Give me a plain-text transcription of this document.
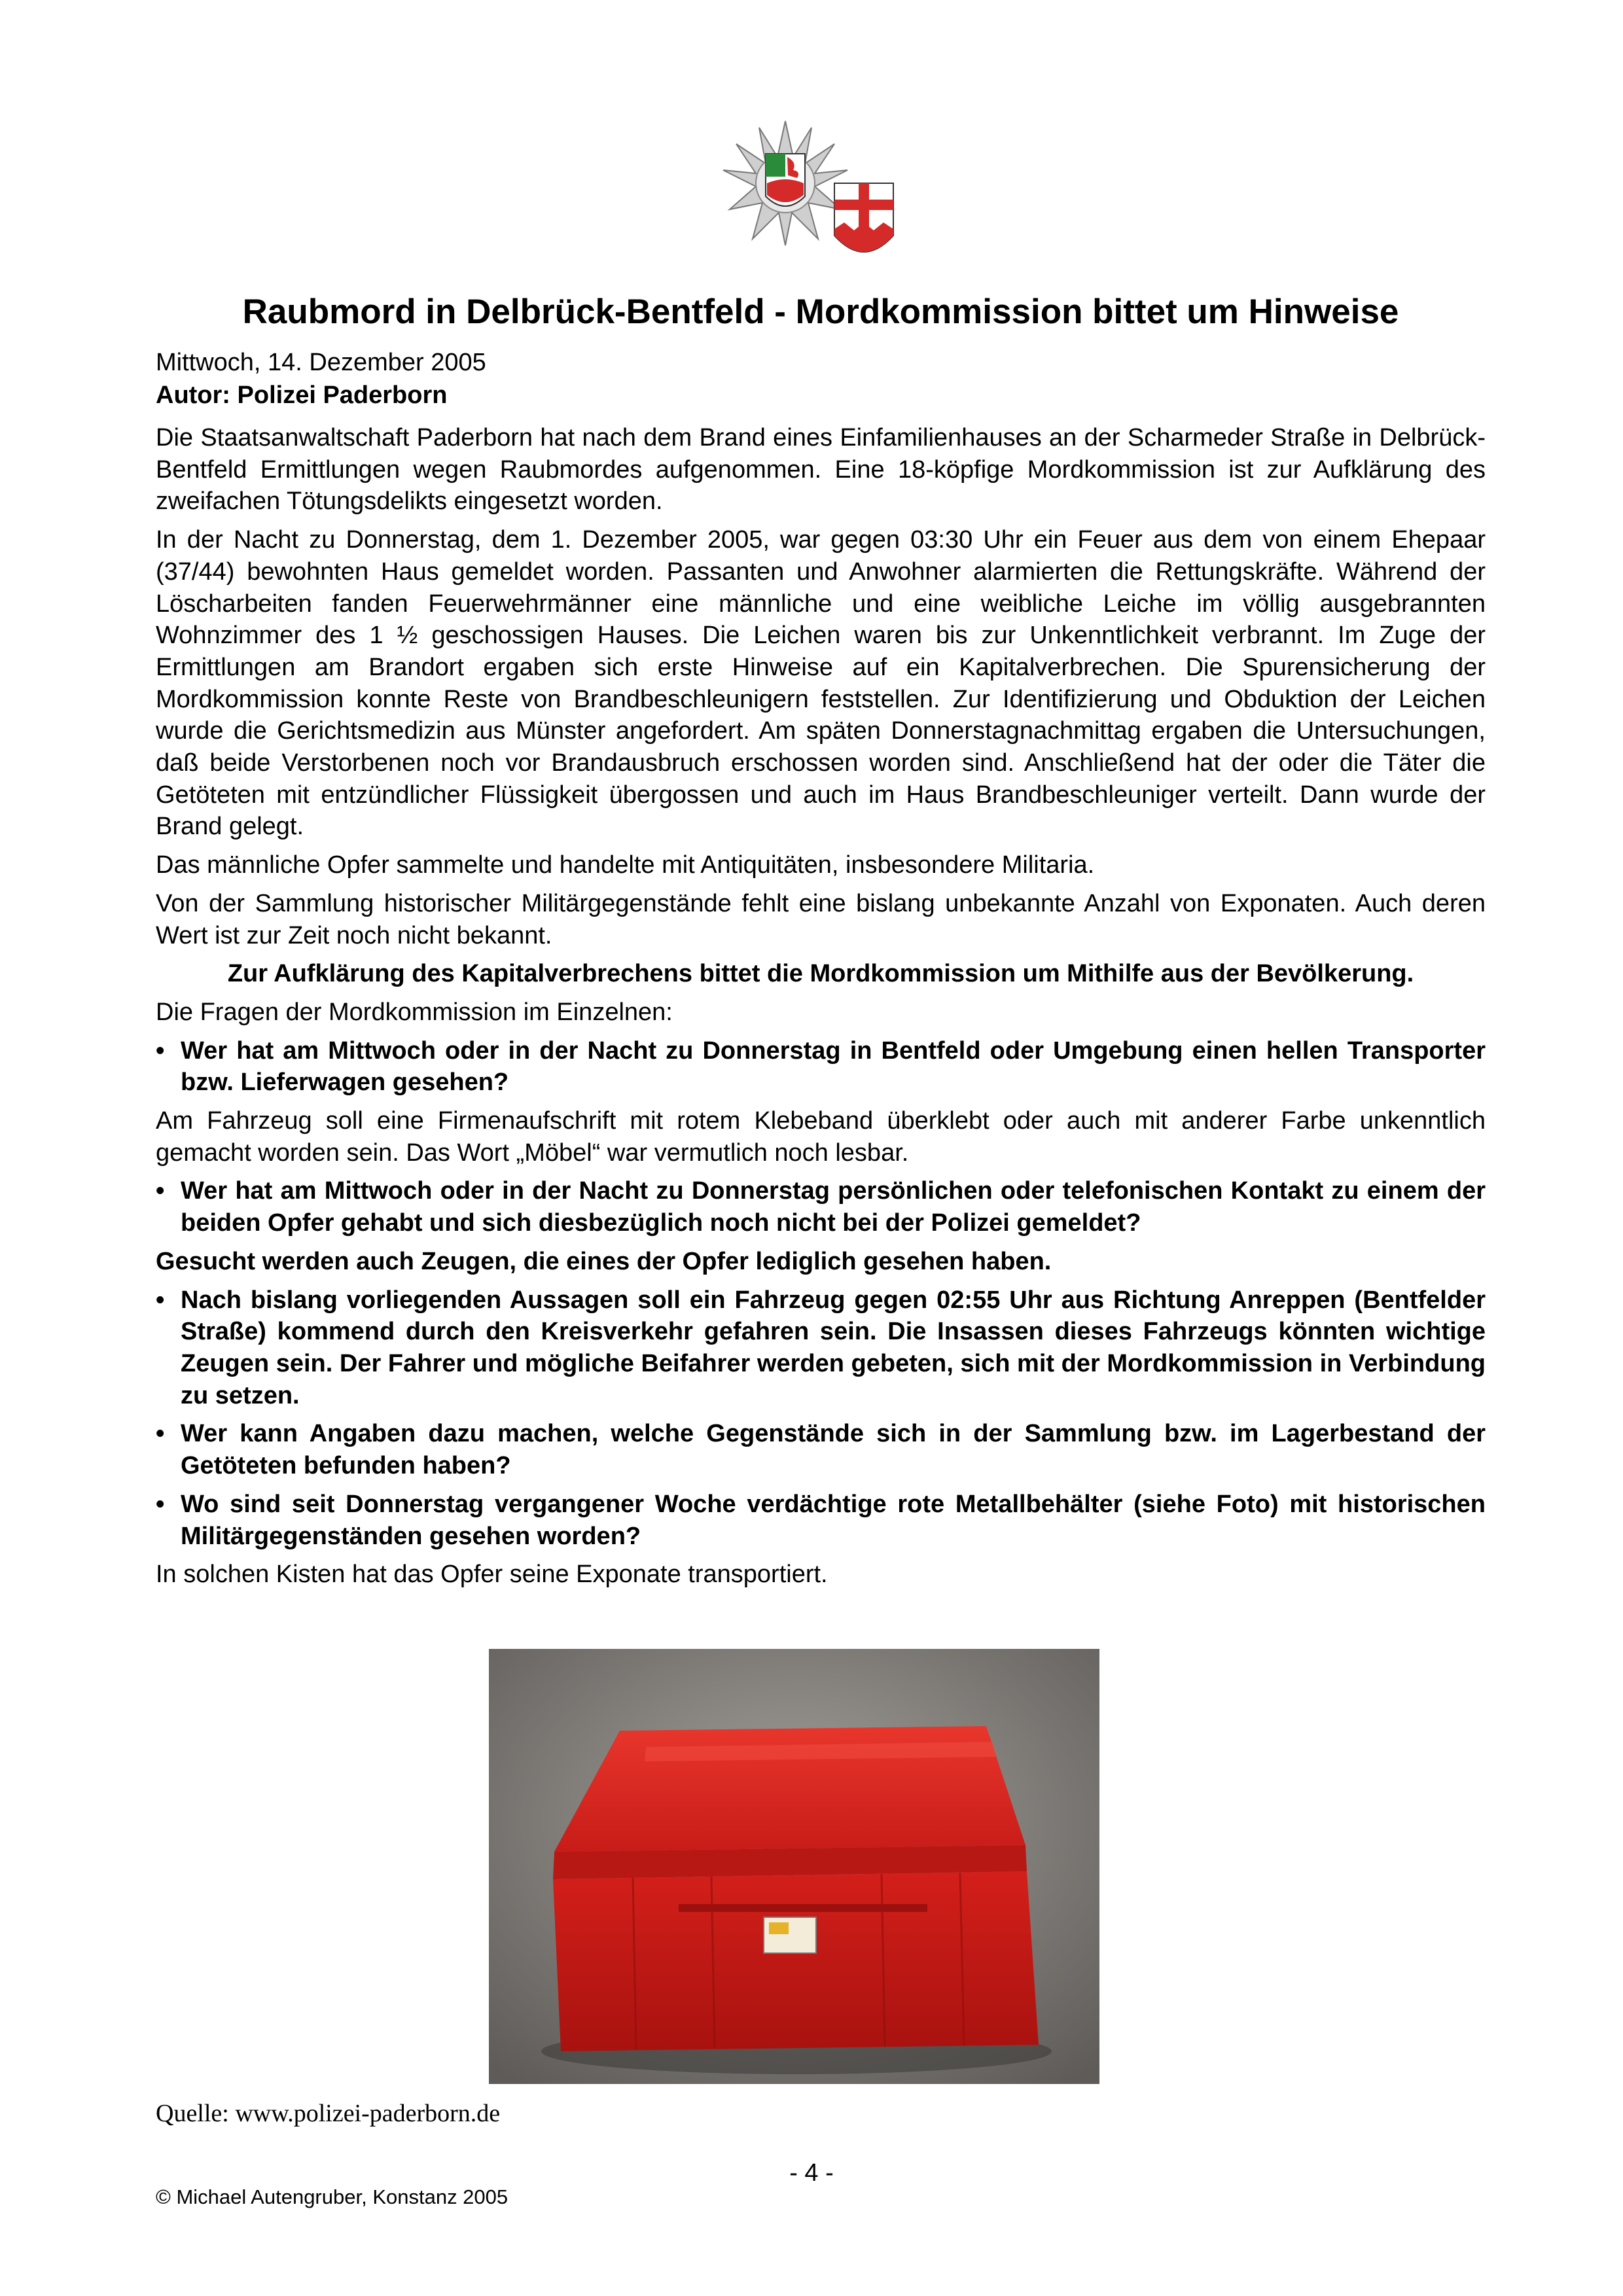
Raubmord in Delbrück-Bentfeld - Mordkommission bittet um Hinweise
Mittwoch, 14. Dezember 2005
Autor: Polizei Paderborn

Die Staatsanwaltschaft Paderborn hat nach dem Brand eines Einfamilienhauses an der Scharmeder Straße in Delbrück-Bentfeld Ermittlungen wegen Raubmordes aufgenommen. Eine 18-köpfige Mordkommission ist zur Aufklärung des zweifachen Tötungsdelikts eingesetzt worden.

In der Nacht zu Donnerstag, dem 1. Dezember 2005, war gegen 03:30 Uhr ein Feuer aus dem von einem Ehepaar (37/44) bewohnten Haus gemeldet worden. Passanten und Anwohner alarmierten die Rettungskräfte. Während der Löscharbeiten fanden Feuerwehrmänner eine männliche und eine weibliche Leiche im völlig ausgebrannten Wohnzimmer des 1 ½ geschossigen Hauses. Die Leichen waren bis zur Unkenntlichkeit verbrannt. Im Zuge der Ermittlungen am Brandort ergaben sich erste Hinweise auf ein Kapitalverbrechen. Die Spurensicherung der Mordkommission konnte Reste von Brandbeschleunigern feststellen. Zur Identifizierung und Obduktion der Leichen wurde die Gerichtsmedizin aus Münster angefordert. Am späten Donnerstagnachmittag ergaben die Untersuchungen, daß beide Verstorbenen noch vor Brandausbruch erschossen worden sind. Anschließend hat der oder die Täter die Getöteten mit entzündlicher Flüssigkeit übergossen und auch im Haus Brandbeschleuniger verteilt. Dann wurde der Brand gelegt.

Das männliche Opfer sammelte und handelte mit Antiquitäten, insbesondere Militaria.

Von der Sammlung historischer Militärgegenstände fehlt eine bislang unbekannte Anzahl von Exponaten. Auch deren Wert ist zur Zeit noch nicht bekannt.

Zur Aufklärung des Kapitalverbrechens bittet die Mordkommission um Mithilfe aus der Bevölkerung.

Die Fragen der Mordkommission im Einzelnen:

• Wer hat am Mittwoch oder in der Nacht zu Donnerstag in Bentfeld oder Umgebung einen hellen Transporter bzw. Lieferwagen gesehen?

Am Fahrzeug soll eine Firmenaufschrift mit rotem Klebeband überklebt oder auch mit anderer Farbe unkenntlich gemacht worden sein. Das Wort „Möbel“ war vermutlich noch lesbar.

• Wer hat am Mittwoch oder in der Nacht zu Donnerstag persönlichen oder telefonischen Kontakt zu einem der beiden Opfer gehabt und sich diesbezüglich noch nicht bei der Polizei gemeldet?

Gesucht werden auch Zeugen, die eines der Opfer lediglich gesehen haben.

• Nach bislang vorliegenden Aussagen soll ein Fahrzeug gegen 02:55 Uhr aus Richtung Anreppen (Bentfelder Straße) kommend durch den Kreisverkehr gefahren sein. Die Insassen dieses Fahrzeugs könnten wichtige Zeugen sein. Der Fahrer und mögliche Beifahrer werden gebeten, sich mit der Mordkommission in Verbindung zu setzen.
• Wer kann Angaben dazu machen, welche Gegenstände sich in der Sammlung bzw. im Lagerbestand der Getöteten befunden haben?
• Wo sind seit Donnerstag vergangener Woche verdächtige rote Metallbehälter (siehe Foto) mit historischen Militärgegenständen gesehen worden?

In solchen Kisten hat das Opfer seine Exponate transportiert.

Quelle: www.polizei-paderborn.de
- 4 -
© Michael Autengruber, Konstanz 2005
